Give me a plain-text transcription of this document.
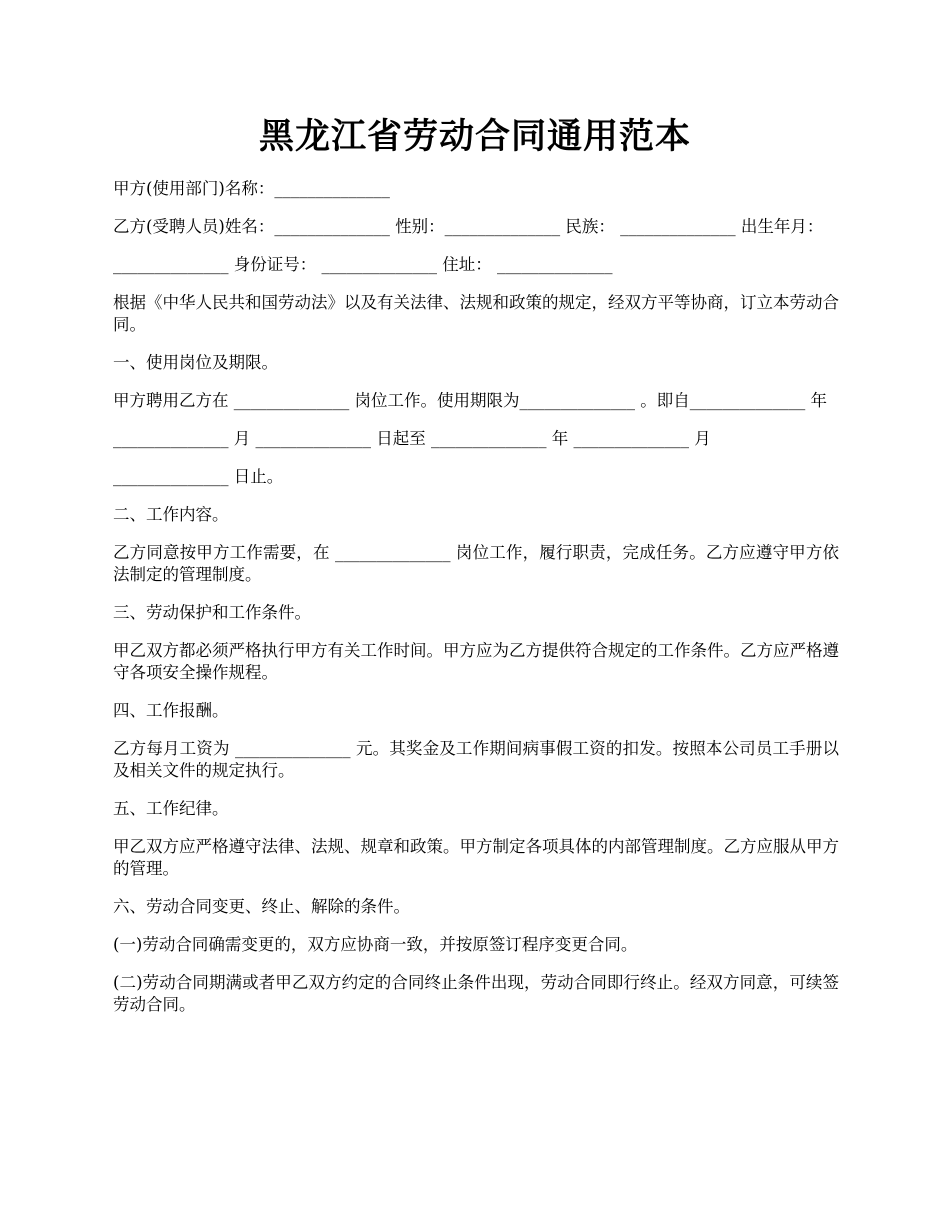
黑龙江省劳动合同通用范本

甲方(使用部门)名称：______________

乙方(受聘人员)姓名：______________ 性别：______________ 民族： ______________ 出生年月：

______________ 身份证号： ______________ 住址： ______________

根据《中华人民共和国劳动法》以及有关法律、法规和政策的规定，经双方平等协商，订立本劳动合同。

一、使用岗位及期限。

甲方聘用乙方在 ______________ 岗位工作。使用期限为______________ 。即自______________ 年

______________ 月 ______________ 日起至 ______________ 年 ______________ 月

______________ 日止。

二、工作内容。

乙方同意按甲方工作需要，在 ______________ 岗位工作，履行职责，完成任务。乙方应遵守甲方依法制定的管理制度。

三、劳动保护和工作条件。

甲乙双方都必须严格执行甲方有关工作时间。甲方应为乙方提供符合规定的工作条件。乙方应严格遵守各项安全操作规程。

四、工作报酬。

乙方每月工资为 ______________ 元。其奖金及工作期间病事假工资的扣发。按照本公司员工手册以及相关文件的规定执行。

五、工作纪律。

甲乙双方应严格遵守法律、法规、规章和政策。甲方制定各项具体的内部管理制度。乙方应服从甲方的管理。

六、劳动合同变更、终止、解除的条件。

(一)劳动合同确需变更的，双方应协商一致，并按原签订程序变更合同。

(二)劳动合同期满或者甲乙双方约定的合同终止条件出现，劳动合同即行终止。经双方同意，可续签劳动合同。
